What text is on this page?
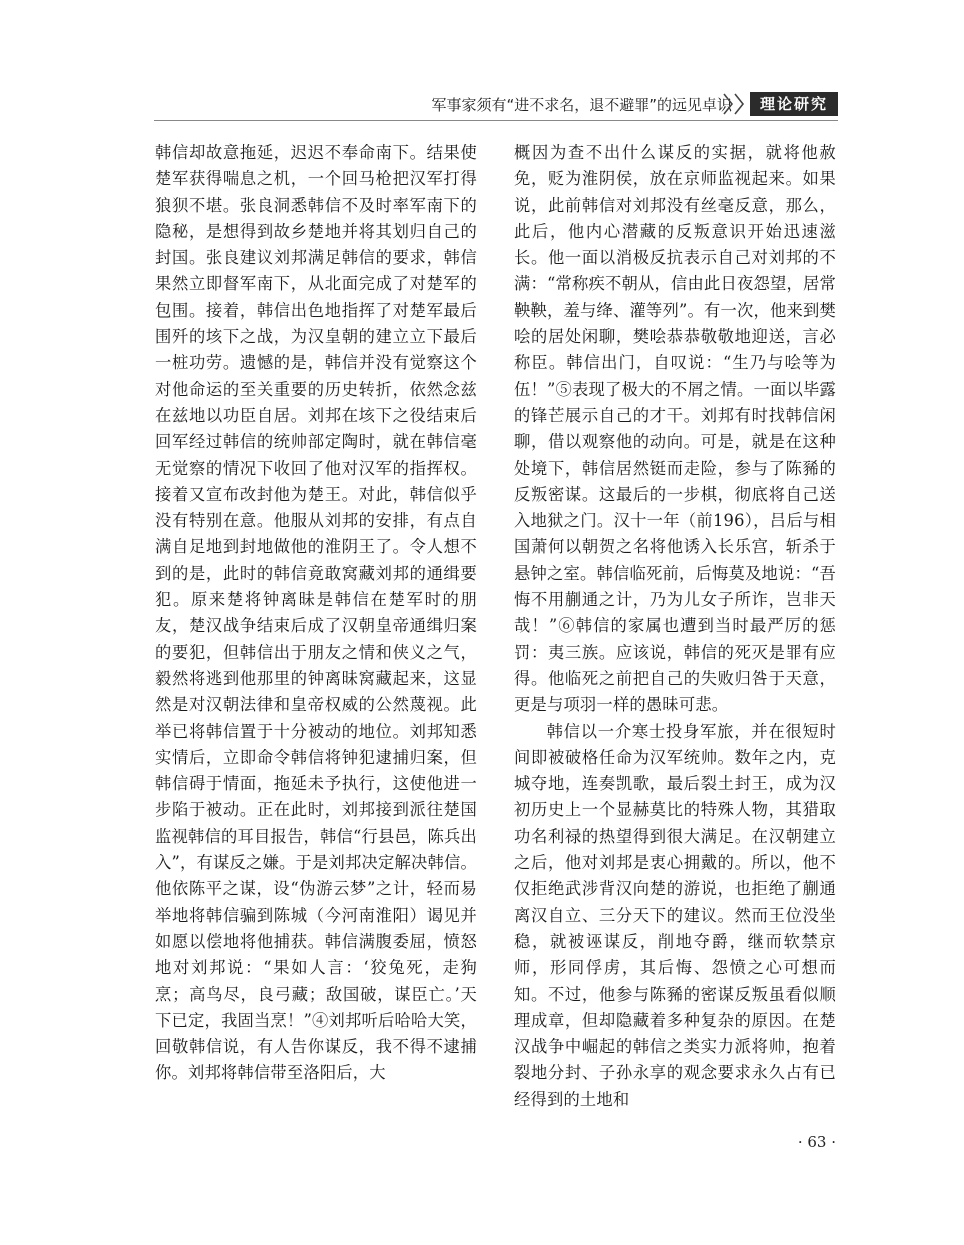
军事家须有“进不求名，退不避罪”的远见卓识	理论研究

韩信却故意拖延，迟迟不奉命南下。结果使楚军获得喘息之机，一个回马枪把汉军打得狼狈不堪。张良洞悉韩信不及时率军南下的隐秘，是想得到故乡楚地并将其划归自己的封国。张良建议刘邦满足韩信的要求，韩信果然立即督军南下，从北面完成了对楚军的包围。接着，韩信出色地指挥了对楚军最后围歼的垓下之战，为汉皇朝的建立立下最后一桩功劳。遗憾的是，韩信并没有觉察这个对他命运的至关重要的历史转折，依然念兹在兹地以功臣自居。刘邦在垓下之役结束后回军经过韩信的统帅部定陶时，就在韩信毫无觉察的情况下收回了他对汉军的指挥权。接着又宣布改封他为楚王。对此，韩信似乎没有特别在意。他服从刘邦的安排，有点自满自足地到封地做他的淮阴王了。令人想不到的是，此时的韩信竟敢窝藏刘邦的通缉要犯。原来楚将钟离昧是韩信在楚军时的朋友，楚汉战争结束后成了汉朝皇帝通缉归案的要犯，但韩信出于朋友之情和侠义之气，毅然将逃到他那里的钟离昧窝藏起来，这显然是对汉朝法律和皇帝权威的公然蔑视。此举已将韩信置于十分被动的地位。刘邦知悉实情后，立即命令韩信将钟犯逮捕归案，但韩信碍于情面，拖延未予执行，这使他进一步陷于被动。正在此时，刘邦接到派往楚国监视韩信的耳目报告，韩信“行县邑，陈兵出入”，有谋反之嫌。于是刘邦决定解决韩信。他依陈平之谋，设“伪游云梦”之计，轻而易举地将韩信骗到陈城（今河南淮阳）谒见并如愿以偿地将他捕获。韩信满腹委屈，愤怒地对刘邦说：“果如人言：‘狡兔死，走狗烹；高鸟尽，良弓藏；敌国破，谋臣亡。’天下已定，我固当烹！”④刘邦听后哈哈大笑，回敬韩信说，有人告你谋反，我不得不逮捕你。刘邦将韩信带至洛阳后，大

概因为查不出什么谋反的实据，就将他赦免，贬为淮阴侯，放在京师监视起来。如果说，此前韩信对刘邦没有丝毫反意，那么，此后，他内心潜藏的反叛意识开始迅速滋长。他一面以消极反抗表示自己对刘邦的不满：“常称疾不朝从，信由此日夜怨望，居常鞅鞅，羞与绛、灌等列”。有一次，他来到樊哙的居处闲聊，樊哙恭恭敬敬地迎送，言必称臣。韩信出门，自叹说：“生乃与哙等为伍！”⑤表现了极大的不屑之情。一面以毕露的锋芒展示自己的才干。刘邦有时找韩信闲聊，借以观察他的动向。可是，就是在这种处境下，韩信居然铤而走险，参与了陈豨的反叛密谋。这最后的一步棋，彻底将自己送入地狱之门。汉十一年（前196），吕后与相国萧何以朝贺之名将他诱入长乐宫，斩杀于悬钟之室。韩信临死前，后悔莫及地说：“吾悔不用蒯通之计，乃为儿女子所诈，岂非天哉！”⑥韩信的家属也遭到当时最严厉的惩罚：夷三族。应该说，韩信的死灭是罪有应得。他临死之前把自己的失败归咎于天意，更是与项羽一样的愚昧可悲。

韩信以一介寒士投身军旅，并在很短时间即被破格任命为汉军统帅。数年之内，克城夺地，连奏凯歌，最后裂土封王，成为汉初历史上一个显赫莫比的特殊人物，其猎取功名利禄的热望得到很大满足。在汉朝建立之后，他对刘邦是衷心拥戴的。所以，他不仅拒绝武涉背汉向楚的游说，也拒绝了蒯通离汉自立、三分天下的建议。然而王位没坐稳，就被诬谋反，削地夺爵，继而软禁京师，形同俘虏，其后悔、怨愤之心可想而知。不过，他参与陈豨的密谋反叛虽看似顺理成章，但却隐藏着多种复杂的原因。在楚汉战争中崛起的韩信之类实力派将帅，抱着裂地分封、子孙永享的观念要求永久占有已经得到的土地和

· 63 ·
